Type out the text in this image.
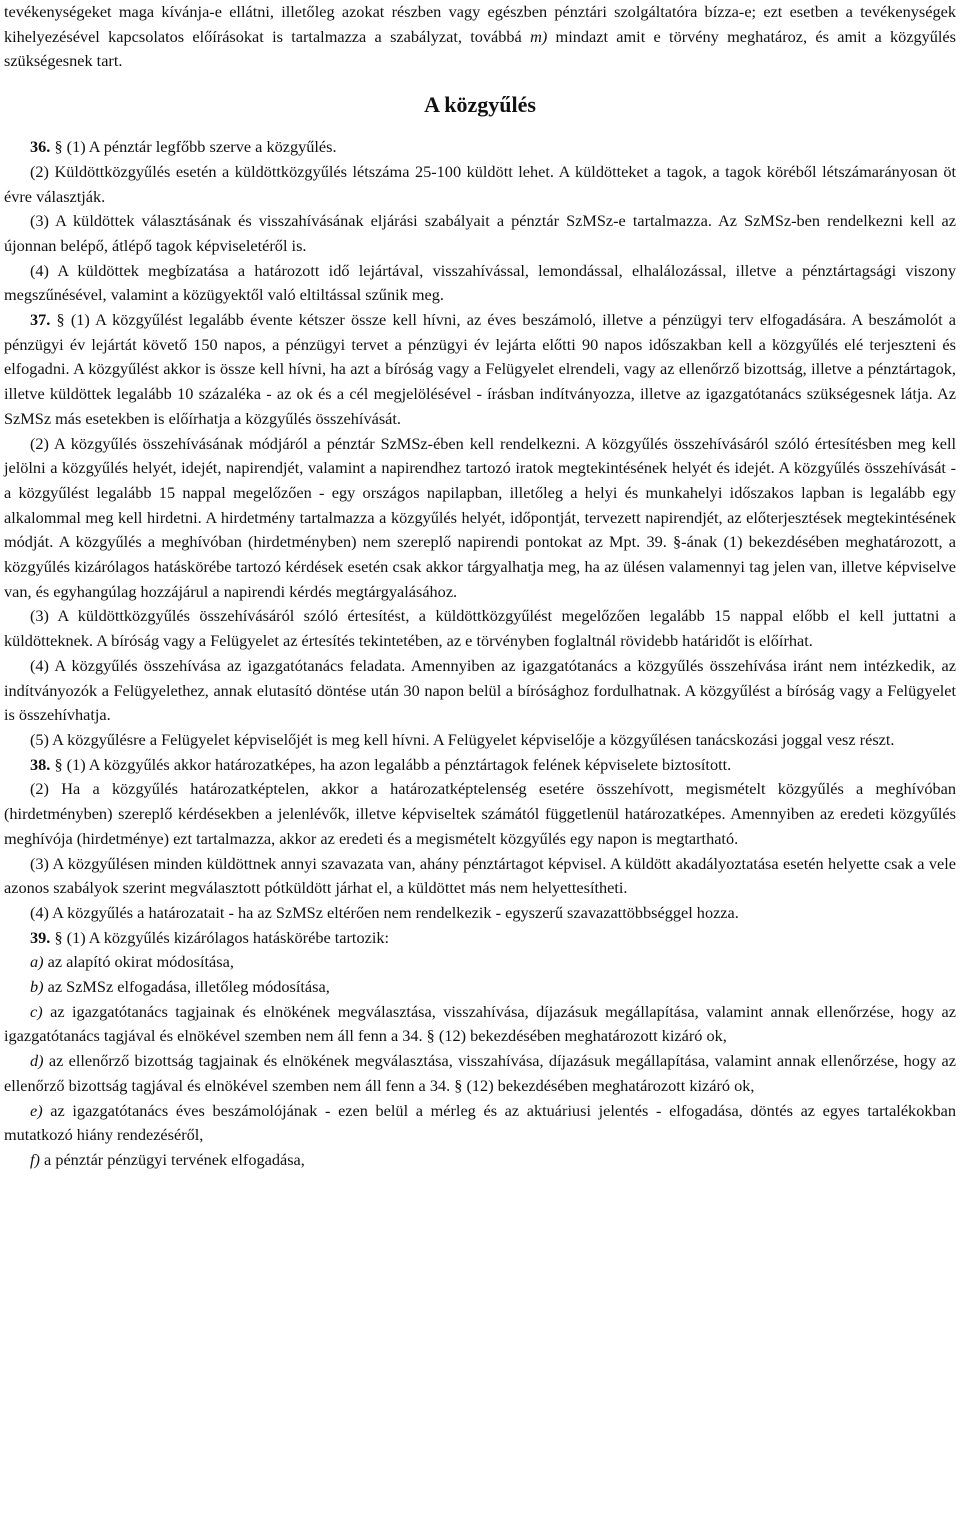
tevékenységeket maga kívánja-e ellátni, illetőleg azokat részben vagy egészben pénztári szolgáltatóra bízza-e; ezt esetben a tevékenységek kihelyezésével kapcsolatos előírásokat is tartalmazza a szabályzat, továbbá m) mindazt amit e törvény meghatároz, és amit a közgyűlés szükségesnek tart.

A közgyűlés

36. § (1) A pénztár legfőbb szerve a közgyűlés.

(2) Küldöttközgyűlés esetén a küldöttközgyűlés létszáma 25-100 küldött lehet. A küldötteket a tagok, a tagok köréből létszámarányosan öt évre választják.

(3) A küldöttek választásának és visszahívásának eljárási szabályait a pénztár SzMSz-e tartalmazza. Az SzMSz-ben rendelkezni kell az újonnan belépő, átlépő tagok képviseletéről is.

(4) A küldöttek megbízatása a határozott idő lejártával, visszahívással, lemondással, elhalálozással, illetve a pénztártagsági viszony megszűnésével, valamint a közügyektől való eltiltással szűnik meg.

37. § (1) A közgyűlést legalább évente kétszer össze kell hívni, az éves beszámoló, illetve a pénzügyi terv elfogadására. A beszámolót a pénzügyi év lejártát követő 150 napos, a pénzügyi tervet a pénzügyi év lejárta előtti 90 napos időszakban kell a közgyűlés elé terjeszteni és elfogadni. A közgyűlést akkor is össze kell hívni, ha azt a bíróság vagy a Felügyelet elrendeli, vagy az ellenőrző bizottság, illetve a pénztártagok, illetve küldöttek legalább 10 százaléka - az ok és a cél megjelölésével - írásban indítványozza, illetve az igazgatótanács szükségesnek látja. Az SzMSz más esetekben is előírhatja a közgyűlés összehívását.

(2) A közgyűlés összehívásának módjáról a pénztár SzMSz-ében kell rendelkezni. A közgyűlés összehívásáról szóló értesítésben meg kell jelölni a közgyűlés helyét, idejét, napirendjét, valamint a napirendhez tartozó iratok megtekintésének helyét és idejét. A közgyűlés összehívását - a közgyűlést legalább 15 nappal megelőzően - egy országos napilapban, illetőleg a helyi és munkahelyi időszakos lapban is legalább egy alkalommal meg kell hirdetni. A hirdetmény tartalmazza a közgyűlés helyét, időpontját, tervezett napirendjét, az előterjesztések megtekintésének módját. A közgyűlés a meghívóban (hirdetményben) nem szereplő napirendi pontokat az Mpt. 39. §-ának (1) bekezdésében meghatározott, a közgyűlés kizárólagos hatáskörébe tartozó kérdések esetén csak akkor tárgyalhatja meg, ha az ülésen valamennyi tag jelen van, illetve képviselve van, és egyhangúlag hozzájárul a napirendi kérdés megtárgyalásához.

(3) A küldöttközgyűlés összehívásáról szóló értesítést, a küldöttközgyűlést megelőzően legalább 15 nappal előbb el kell juttatni a küldötteknek. A bíróság vagy a Felügyelet az értesítés tekintetében, az e törvényben foglaltnál rövidebb határidőt is előírhat.

(4) A közgyűlés összehívása az igazgatótanács feladata. Amennyiben az igazgatótanács a közgyűlés összehívása iránt nem intézkedik, az indítványozók a Felügyelethez, annak elutasító döntése után 30 napon belül a bírósághoz fordulhatnak. A közgyűlést a bíróság vagy a Felügyelet is összehívhatja.

(5) A közgyűlésre a Felügyelet képviselőjét is meg kell hívni. A Felügyelet képviselője a közgyűlésen tanácskozási joggal vesz részt.

38. § (1) A közgyűlés akkor határozatképes, ha azon legalább a pénztártagok felének képviselete biztosított.

(2) Ha a közgyűlés határozatképtelen, akkor a határozatképtelenség esetére összehívott, megismételt közgyűlés a meghívóban (hirdetményben) szereplő kérdésekben a jelenlévők, illetve képviseltek számától függetlenül határozatképes. Amennyiben az eredeti közgyűlés meghívója (hirdetménye) ezt tartalmazza, akkor az eredeti és a megismételt közgyűlés egy napon is megtartható.

(3) A közgyűlésen minden küldöttnek annyi szavazata van, ahány pénztártagot képvisel. A küldött akadályoztatása esetén helyette csak a vele azonos szabályok szerint megválasztott pótküldött járhat el, a küldöttet más nem helyettesítheti.

(4) A közgyűlés a határozatait - ha az SzMSz eltérően nem rendelkezik - egyszerű szavazattöbbséggel hozza.

39. § (1) A közgyűlés kizárólagos hatáskörébe tartozik:

a) az alapító okirat módosítása,

b) az SzMSz elfogadása, illetőleg módosítása,

c) az igazgatótanács tagjainak és elnökének megválasztása, visszahívása, díjazásuk megállapítása, valamint annak ellenőrzése, hogy az igazgatótanács tagjával és elnökével szemben nem áll fenn a 34. § (12) bekezdésében meghatározott kizáró ok,

d) az ellenőrző bizottság tagjainak és elnökének megválasztása, visszahívása, díjazásuk megállapítása, valamint annak ellenőrzése, hogy az ellenőrző bizottság tagjával és elnökével szemben nem áll fenn a 34. § (12) bekezdésében meghatározott kizáró ok,

e) az igazgatótanács éves beszámolójának - ezen belül a mérleg és az aktuáriusi jelentés - elfogadása, döntés az egyes tartalékokban mutatkozó hiány rendezéséről,

f) a pénztár pénzügyi tervének elfogadása,
